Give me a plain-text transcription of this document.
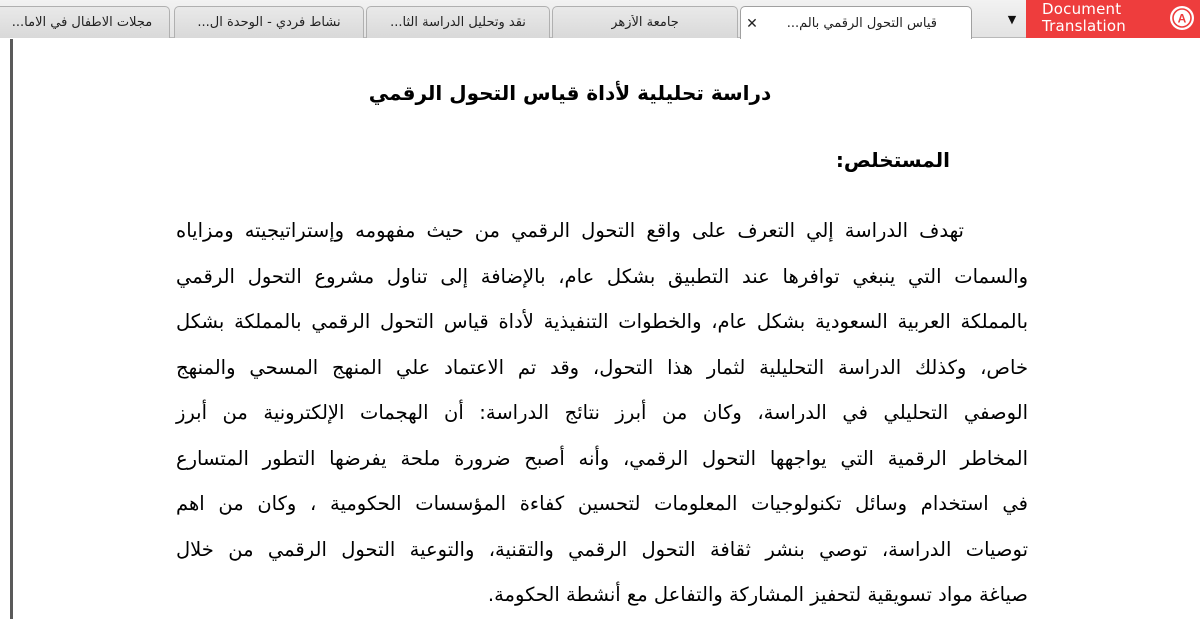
مجلات الاطفال في الاما...	نشاط فردي - الوحدة ال...	نقد وتحليل الدراسة الثا...	جامعة الأزهر	قياس التحول الرقمي بالم...
✕	▼
Document
Translation	A
دراسة تحليلية لأداة قياس التحول الرقمي
المستخلص:
تهدف الدراسة إلي التعرف على واقع التحول الرقمي من حيث مفهومه وإستراتيجيته ومزاياه
والسمات التي ينبغي توافرها عند التطبيق بشكل عام، بالإضافة إلى تناول مشروع التحول الرقمي
بالمملكة العربية السعودية بشكل عام، والخطوات التنفيذية لأداة قياس التحول الرقمي بالمملكة بشكل
خاص، وكذلك الدراسة التحليلية لثمار هذا التحول، وقد تم الاعتماد علي المنهج المسحي والمنهج
الوصفي التحليلي في الدراسة، وكان من أبرز نتائج الدراسة: أن الهجمات الإلكترونية من أبرز
المخاطر الرقمية التي يواجهها التحول الرقمي، وأنه أصبح ضرورة ملحة يفرضها التطور المتسارع
في استخدام وسائل تكنولوجيات المعلومات لتحسين كفاءة المؤسسات الحكومية ، وكان من اهم
توصيات الدراسة، توصي بنشر ثقافة التحول الرقمي والتقنية، والتوعية التحول الرقمي من خلال
صياغة مواد تسويقية لتحفيز المشاركة والتفاعل مع أنشطة الحكومة.
